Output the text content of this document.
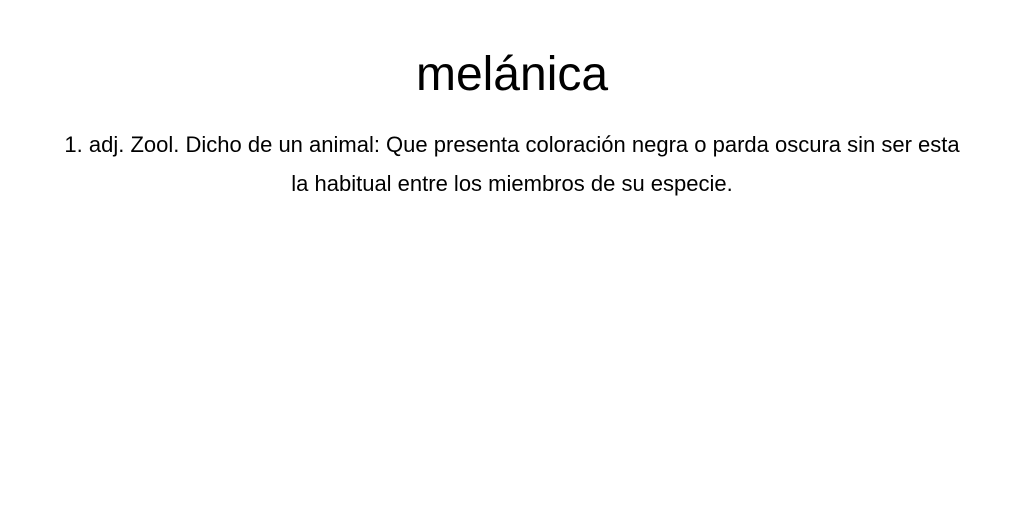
melánica

1. adj. Zool. Dicho de un animal: Que presenta coloración negra o parda oscura sin ser esta la habitual entre los miembros de su especie.
